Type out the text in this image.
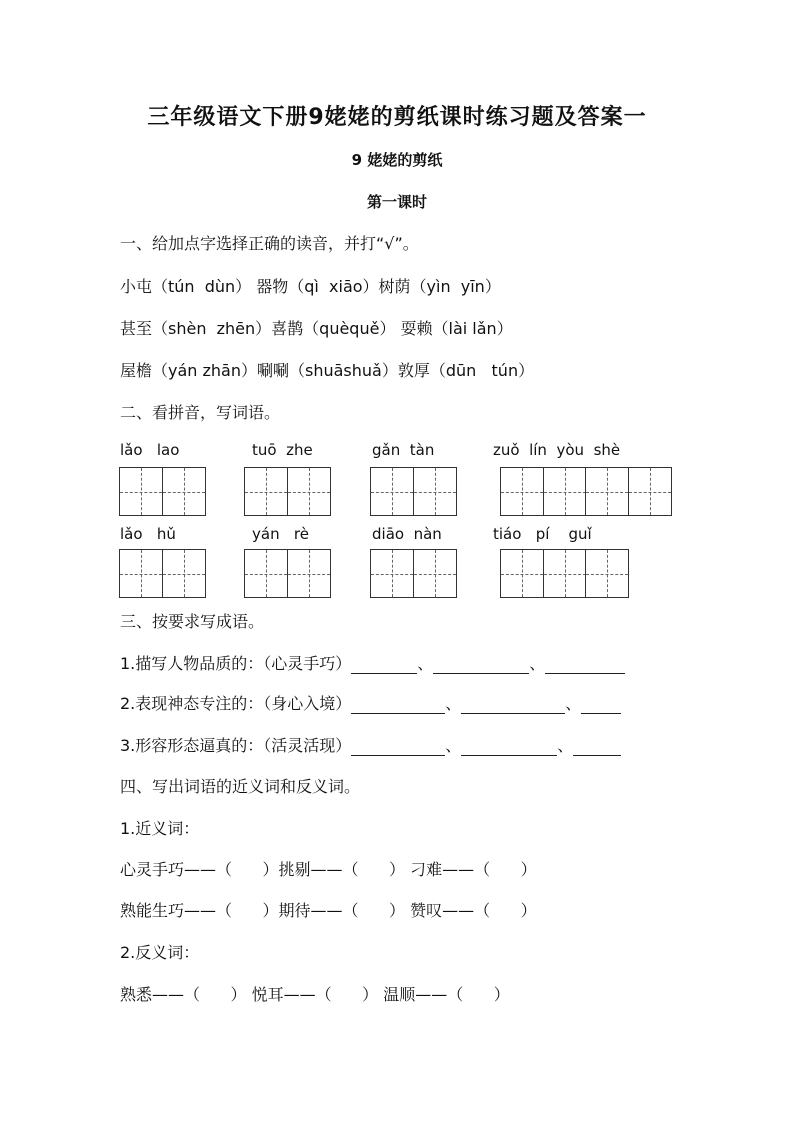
三年级语文下册9姥姥的剪纸课时练习题及答案一
9 姥姥的剪纸
第一课时
一、给加点字选择正确的读音，并打“√”。
小屯（tún  dùn） 器物（qì  xiāo）树荫（yìn  yīn）
甚至（shèn  zhēn）喜鹊（quèquě） 耍赖（lài lǎn）
屋檐（yán zhān）唰唰（shuāshuǎ）敦厚（dūn   tún）
二、看拼音，写词语。
lǎo   lao	tuō  zhe	gǎn  tàn	zuǒ  lín  yòu  shè
lǎo   hǔ	yán   rè	diāo  nàn	tiáo   pí    guǐ
三、按要求写成语。
1.描写人物品质的：（心灵手巧）	、	、
2.表现神态专注的：（身心入境）	、	、
3.形容形态逼真的：（活灵活现）	、	、
四、写出词语的近义词和反义词。
1.近义词：
心灵手巧——（      ）挑剔——（      ） 刁难——（      ）
熟能生巧——（      ）期待——（      ） 赞叹——（      ）
2.反义词：
熟悉——（      ） 悦耳——（      ） 温顺——（      ）
